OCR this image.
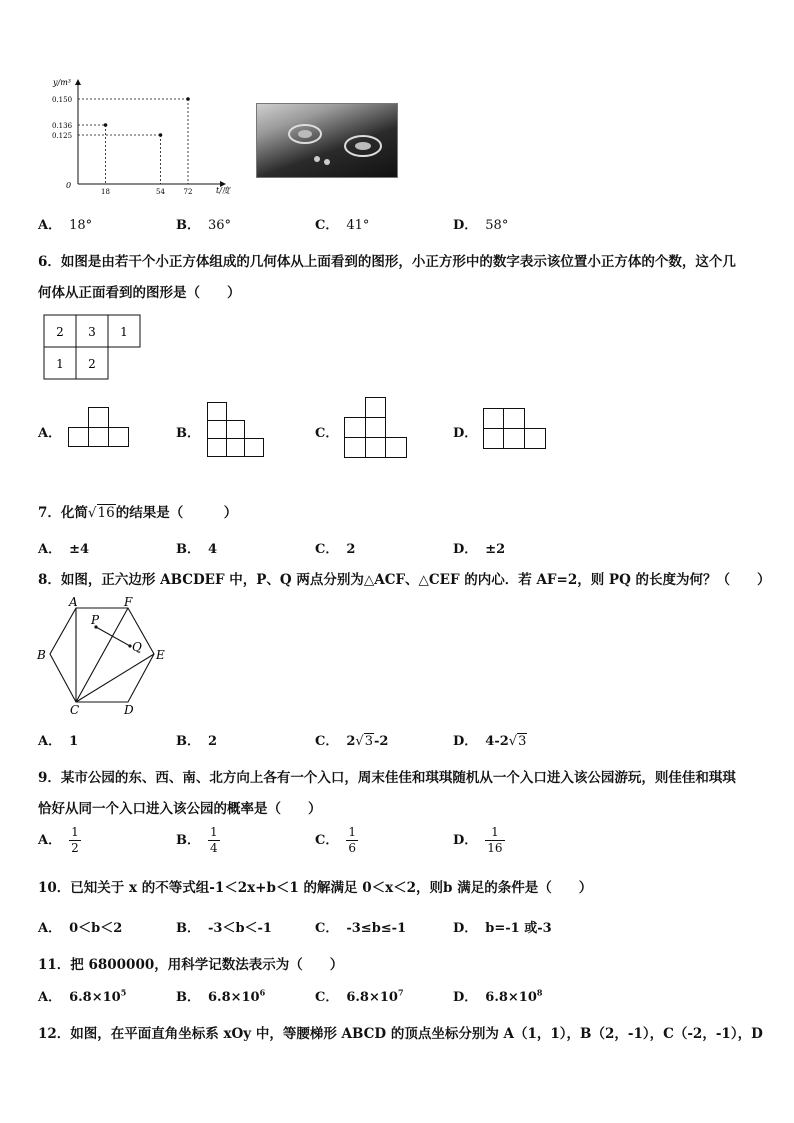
18	54	72
0.150
0.136
0.125
y/m³
t/度
0
A． 18°	B． 36°	C． 41°	D． 58°
6．如图是由若干个小正方体组成的几何体从上面看到的图形，小正方形中的数字表示该位置小正方体的个数，这个几
何体从正面看到的图形是（　　）
2 3 1
1 2
A．	B．	C．	D．
7．化简√16的结果是（　　　）
A． ±4	B． 4	C． 2	D． ±2
8．如图，正六边形 ABCDEF 中，P、Q 两点分别为△ACF、△CEF 的内心．若 AF=2，则 PQ 的长度为何？（　　）
A	F
B	E
C	D
P
Q
A． 1	B． 2	C． 2√3-2	D． 4-2√3
9．某市公园的东、西、南、北方向上各有一个入口，周末佳佳和琪琪随机从一个入口进入该公园游玩，则佳佳和琪琪
恰好从同一个入口进入该公园的概率是（　　）
A． $\frac{1}{2}$	B． $\frac{1}{4}$	C． $\frac{1}{6}$	D． $\frac{1}{16}$
10．已知关于 x 的不等式组-1＜2x+b＜1 的解满足 0＜x＜2，则b 满足的条件是（　　）
A． 0＜b＜2	B． -3＜b＜-1	C． -3≤b≤-1	D． b=-1 或-3
11．把 6800000，用科学记数法表示为（　　）
A． $6.8\times 10^5$	B． $6.8\times 10^6$	C． $6.8\times 10^7$	D． $6.8\times 10^8$
12．如图，在平面直角坐标系 xOy 中，等腰梯形 ABCD 的顶点坐标分别为 A（1，1），B（2，-1），C（-2，-1），D
